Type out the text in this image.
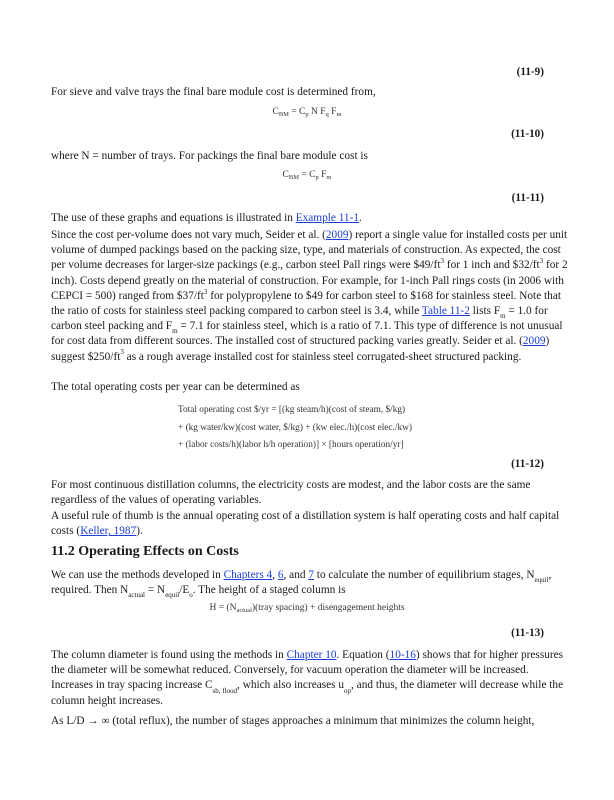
(11-9)

For sieve and valve trays the final bare module cost is determined from,

$C_{BM} = C_p$ N $F_q$ $F_m$
(11-10)

where N = number of trays. For packings the final bare module cost is

$C_{BM} = C_p$ $F_m$
(11-11)

The use of these graphs and equations is illustrated in Example 11-1.

Since the cost per-volume does not vary much, Seider et al. (2009) report a single value for installed costs per unit volume of dumped packings based on the packing size, type, and materials of construction. As expected, the cost per volume decreases for larger-size packings (e.g., carbon steel Pall rings were $\$49/ft^3$ for 1 inch and $\$32/ft^3$ for 2 inch). Costs depend greatly on the material of construction. For example, for 1-inch Pall rings costs (in 2006 with CEPCI = 500) ranged from $\$37/ft^3$ for polypropylene to $49 for carbon steel to $168 for stainless steel. Note that the ratio of costs for stainless steel packing compared to carbon steel is 3.4, while Table 11-2 lists $F_m = 1.0$ for carbon steel packing and $F_m = 7.1$ for stainless steel, which is a ratio of 7.1. This type of difference is not unusual for cost data from different sources. The installed cost of structured packing varies greatly. Seider et al. (2009) suggest $\$250/ft^3$ as a rough average installed cost for stainless steel corrugated-sheet structured packing.

The total operating costs per year can be determined as

Total operating cost $/yr = [(kg steam/h)(cost of steam, $/kg)
+ (kg water/kw)(cost water, $/kg) + (kw elec./h)(cost elec./kw)
+ (labor costs/h)(labor h/h operation)] × [hours operation/yr]
(11-12)

For most continuous distillation columns, the electricity costs are modest, and the labor costs are the same regardless of the values of operating variables.

A useful rule of thumb is the annual operating cost of a distillation system is half operating costs and half capital costs (Keller, 1987).

11.2 Operating Effects on Costs

We can use the methods developed in Chapters 4, 6, and 7 to calculate the number of equilibrium stages, $N_{equil}$, required. Then $N_{actual} = N_{equil}/E_o$. The height of a staged column is

$H = (N_{actual})(tray$ spacing) + disengagement heights
(11-13)

The column diameter is found using the methods in Chapter 10. Equation (10-16) shows that for higher pressures the diameter will be somewhat reduced. Conversely, for vacuum operation the diameter will be increased. Increases in tray spacing increase $C_{sb, flood}$, which also increases $u_{op}$, and thus, the diameter will decrease while the column height increases.

As L/D → ∞ (total reflux), the number of stages approaches a minimum that minimizes the column height,
